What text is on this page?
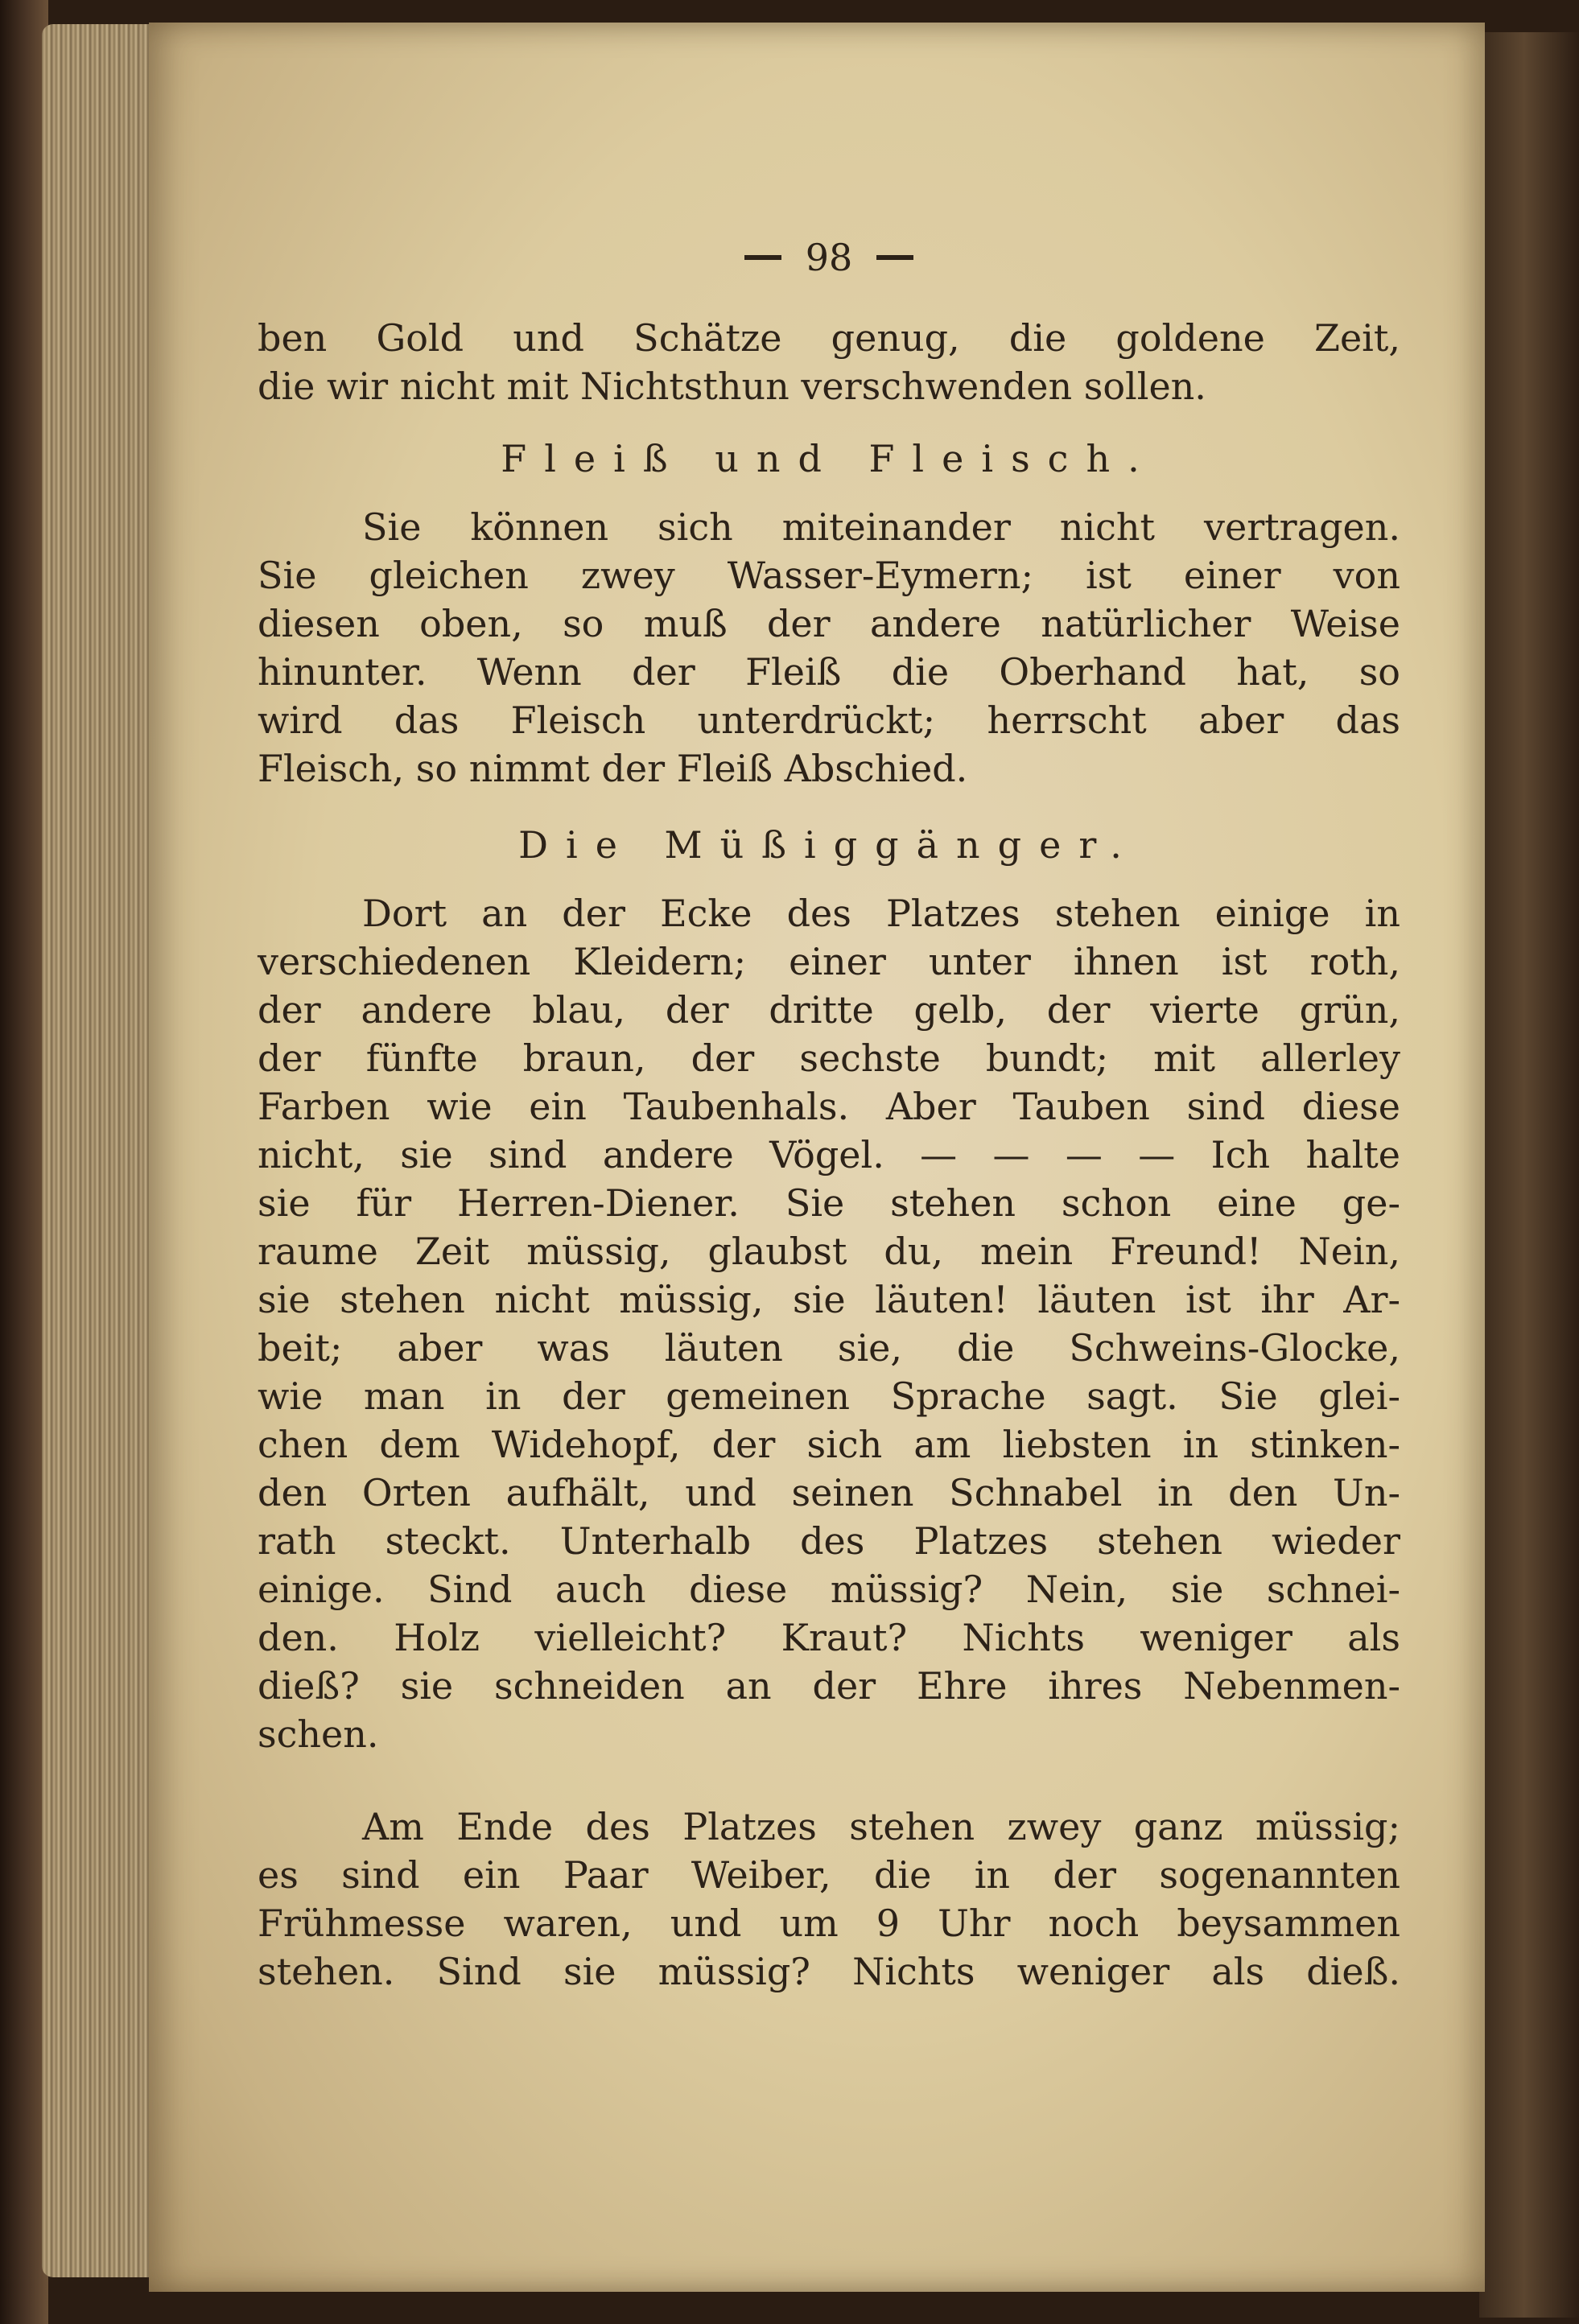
98
ben Gold und Schätze genug, die goldene Zeit,
die wir nicht mit Nichtsthun verschwenden sollen.
Fleiß und Fleisch.
Sie können sich miteinander nicht vertragen.
Sie gleichen zwey Wasser-Eymern; ist einer von
diesen oben, so muß der andere natürlicher Weise
hinunter. Wenn der Fleiß die Oberhand hat, so
wird das Fleisch unterdrückt; herrscht aber das
Fleisch, so nimmt der Fleiß Abschied.
Die Müßiggänger.
Dort an der Ecke des Platzes stehen einige in
verschiedenen Kleidern; einer unter ihnen ist roth,
der andere blau, der dritte gelb, der vierte grün,
der fünfte braun, der sechste bundt; mit allerley
Farben wie ein Taubenhals. Aber Tauben sind diese
nicht, sie sind andere Vögel. — — — — Ich halte
sie für Herren-Diener. Sie stehen schon eine ge-
raume Zeit müssig, glaubst du, mein Freund! Nein,
sie stehen nicht müssig, sie läuten! läuten ist ihr Ar-
beit; aber was läuten sie, die Schweins-Glocke,
wie man in der gemeinen Sprache sagt. Sie glei-
chen dem Widehopf, der sich am liebsten in stinken-
den Orten aufhält, und seinen Schnabel in den Un-
rath steckt. Unterhalb des Platzes stehen wieder
einige. Sind auch diese müssig? Nein, sie schnei-
den. Holz vielleicht? Kraut? Nichts weniger als
dieß? sie schneiden an der Ehre ihres Nebenmen-
schen.
Am Ende des Platzes stehen zwey ganz müssig;
es sind ein Paar Weiber, die in der sogenannten
Frühmesse waren, und um 9 Uhr noch beysammen
stehen. Sind sie müssig? Nichts weniger als dieß.
